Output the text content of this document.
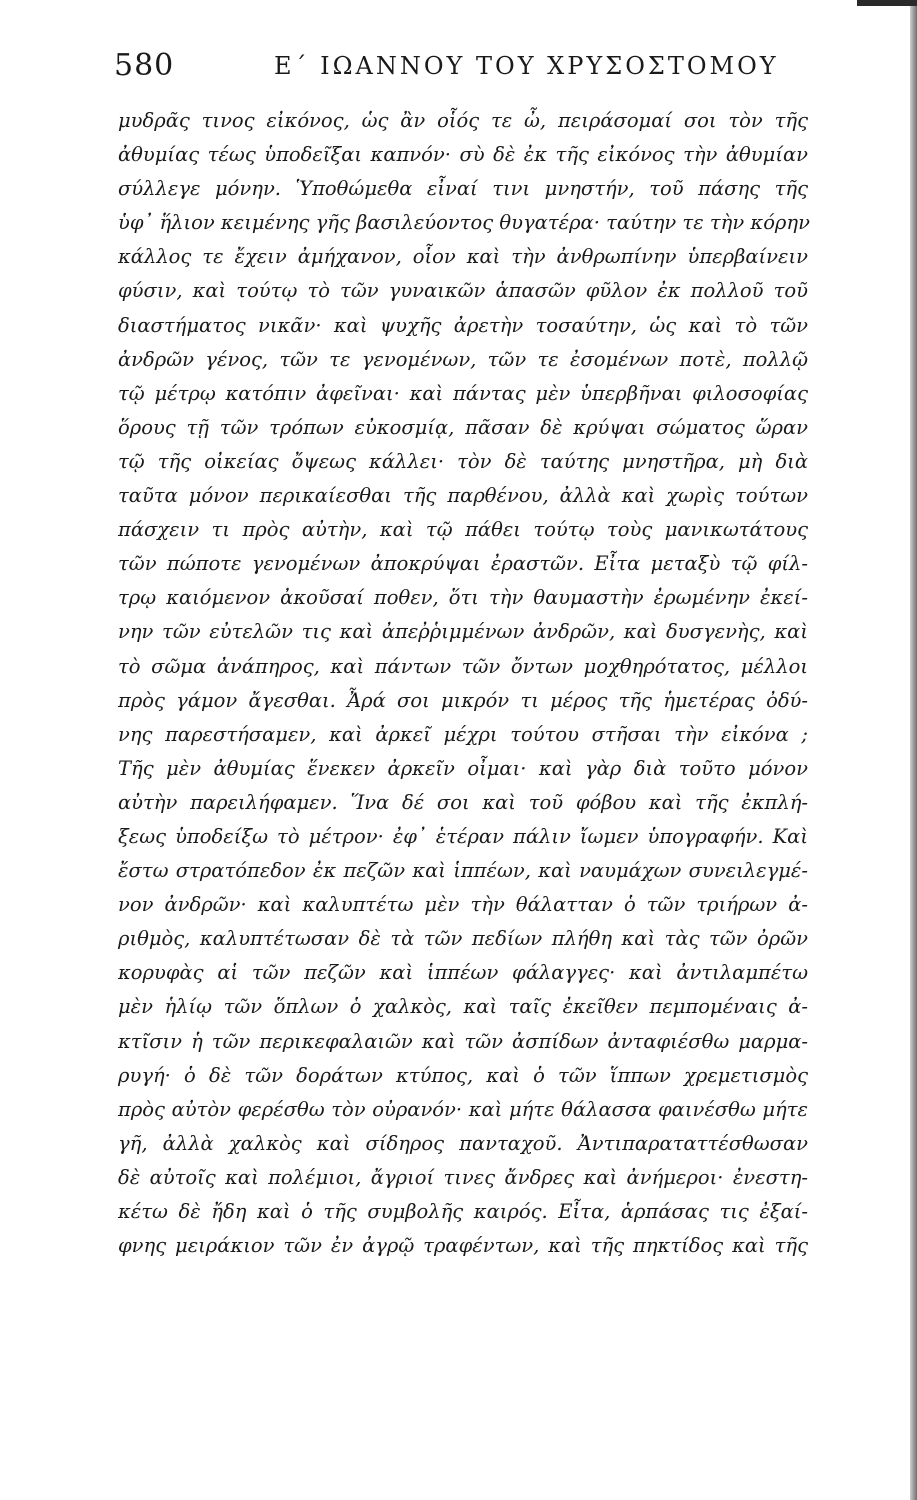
580	Ε΄ ΙΩΑΝΝΟΥ ΤΟΥ ΧΡΥΣΟΣΤΟΜΟΥ
μυδρᾶς τινος εἰκόνος, ὡς ἂν οἷός τε ὦ, πειράσομαί σοι τὸν τῆς
ἀθυμίας τέως ὑποδεῖξαι καπνόν· σὺ δὲ ἐκ τῆς εἰκόνος τὴν ἀθυμίαν
σύλλεγε μόνην. Ὑποθώμεθα εἶναί τινι μνηστήν, τοῦ πάσης τῆς
ὑφ᾿ ἥλιον κειμένης γῆς βασιλεύοντος θυγατέρα· ταύτην τε τὴν κόρην
κάλλος τε ἔχειν ἀμήχανον, οἷον καὶ τὴν ἀνθρωπίνην ὑπερβαίνειν
φύσιν, καὶ τούτῳ τὸ τῶν γυναικῶν ἁπασῶν φῦλον ἐκ πολλοῦ τοῦ
διαστήματος νικᾶν· καὶ ψυχῆς ἀρετὴν τοσαύτην, ὡς καὶ τὸ τῶν
ἀνδρῶν γένος, τῶν τε γενομένων, τῶν τε ἐσομένων ποτὲ, πολλῷ
τῷ μέτρῳ κατόπιν ἀφεῖναι· καὶ πάντας μὲν ὑπερβῆναι φιλοσοφίας
ὅρους τῇ τῶν τρόπων εὐκοσμίᾳ, πᾶσαν δὲ κρύψαι σώματος ὥραν
τῷ τῆς οἰκείας ὄψεως κάλλει· τὸν δὲ ταύτης μνηστῆρα, μὴ διὰ
ταῦτα μόνον περικαίεσθαι τῆς παρθένου, ἀλλὰ καὶ χωρὶς τούτων
πάσχειν τι πρὸς αὐτὴν, καὶ τῷ πάθει τούτῳ τοὺς μανικωτάτους
τῶν πώποτε γενομένων ἀποκρύψαι ἐραστῶν. Εἶτα μεταξὺ τῷ φίλ-
τρῳ καιόμενον ἀκοῦσαί ποθεν, ὅτι τὴν θαυμαστὴν ἐρωμένην ἐκεί-
νην τῶν εὐτελῶν τις καὶ ἀπεῤῥιμμένων ἀνδρῶν, καὶ δυσγενὴς, καὶ
τὸ σῶμα ἀνάπηρος, καὶ πάντων τῶν ὄντων μοχθηρότατος, μέλλοι
πρὸς γάμον ἄγεσθαι. Ἆρά σοι μικρόν τι μέρος τῆς ἡμετέρας ὀδύ-
νης παρεστήσαμεν, καὶ ἀρκεῖ μέχρι τούτου στῆσαι τὴν εἰκόνα ;
Τῆς μὲν ἀθυμίας ἕνεκεν ἀρκεῖν οἶμαι· καὶ γὰρ διὰ τοῦτο μόνον
αὐτὴν παρειλήφαμεν. Ἵνα δέ σοι καὶ τοῦ φόβου καὶ τῆς ἐκπλή-
ξεως ὑποδείξω τὸ μέτρον· ἐφ᾿ ἑτέραν πάλιν ἴωμεν ὑπογραφήν. Καὶ
ἔστω στρατόπεδον ἐκ πεζῶν καὶ ἱππέων, καὶ ναυμάχων συνειλεγμέ-
νον ἀνδρῶν· καὶ καλυπτέτω μὲν τὴν θάλατταν ὁ τῶν τριήρων ἀ-
ριθμὸς, καλυπτέτωσαν δὲ τὰ τῶν πεδίων πλήθη καὶ τὰς τῶν ὀρῶν
κορυφὰς αἱ τῶν πεζῶν καὶ ἱππέων φάλαγγες· καὶ ἀντιλαμπέτω
μὲν ἡλίῳ τῶν ὅπλων ὁ χαλκὸς, καὶ ταῖς ἐκεῖθεν πεμπομέναις ἀ-
κτῖσιν ἡ τῶν περικεφαλαιῶν καὶ τῶν ἀσπίδων ἀνταφιέσθω μαρμα-
ρυγή· ὁ δὲ τῶν δοράτων κτύπος, καὶ ὁ τῶν ἵππων χρεμετισμὸς
πρὸς αὐτὸν φερέσθω τὸν οὐρανόν· καὶ μήτε θάλασσα φαινέσθω μήτε
γῆ, ἀλλὰ χαλκὸς καὶ σίδηρος πανταχοῦ. Ἀντιπαραταττέσθωσαν
δὲ αὐτοῖς καὶ πολέμιοι, ἄγριοί τινες ἄνδρες καὶ ἀνήμεροι· ἐνεστη-
κέτω δὲ ἤδη καὶ ὁ τῆς συμβολῆς καιρός. Εἶτα, ἁρπάσας τις ἐξαί-
φνης μειράκιον τῶν ἐν ἀγρῷ τραφέντων, καὶ τῆς πηκτίδος καὶ τῆς
